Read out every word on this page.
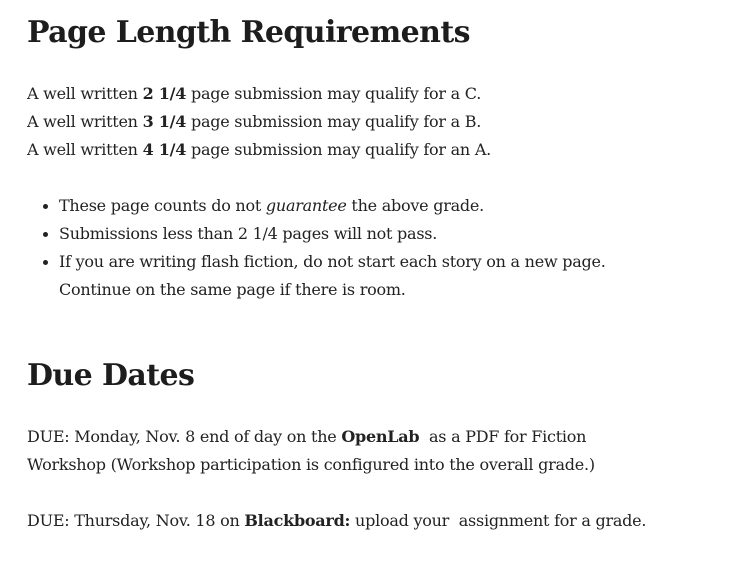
Page Length Requirements

A well written 2 1/4 page submission may qualify for a C.
A well written 3 1/4 page submission may qualify for a B.
A well written 4 1/4 page submission may qualify for an A.

These page counts do not guarantee the above grade.
Submissions less than 2 1/4 pages will not pass.
If you are writing flash fiction, do not start each story on a new page.
Continue on the same page if there is room.
Due Dates

DUE: Monday, Nov. 8 end of day on the OpenLab  as a PDF for Fiction
Workshop (Workshop participation is configured into the overall grade.)

DUE: Thursday, Nov. 18 on Blackboard: upload your  assignment for a grade.
